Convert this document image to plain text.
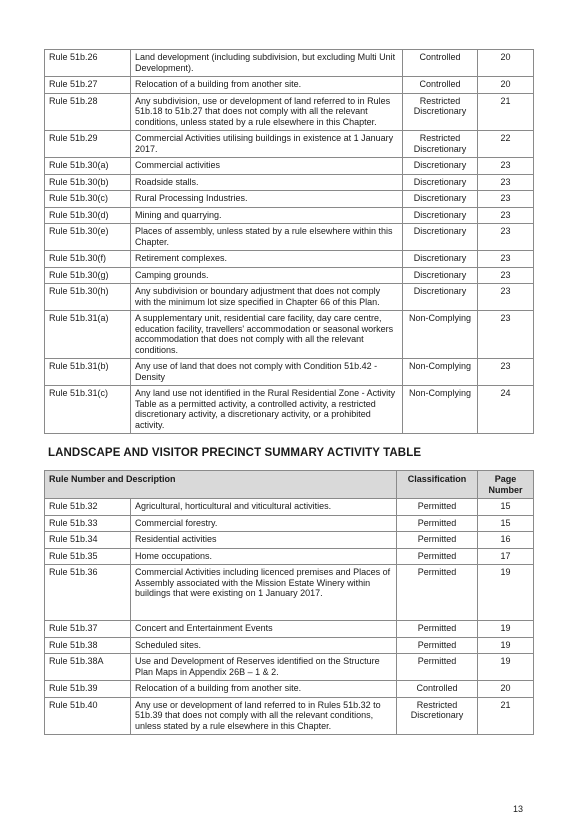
Rule 51b.26	Land development (including subdivision, but excluding Multi Unit Development).	Controlled	20
Rule 51b.27	Relocation of a building from another site.	Controlled	20
Rule 51b.28	Any subdivision, use or development of land referred to in Rules 51b.18 to 51b.27 that does not comply with all the relevant conditions, unless stated by a rule elsewhere in this Chapter.	Restricted Discretionary	21
Rule 51b.29	Commercial Activities utilising buildings in existence at 1 January 2017.	Restricted Discretionary	22
Rule 51b.30(a)	Commercial activities	Discretionary	23
Rule 51b.30(b)	Roadside stalls.	Discretionary	23
Rule 51b.30(c)	Rural Processing Industries.	Discretionary	23
Rule 51b.30(d)	Mining and quarrying.	Discretionary	23
Rule 51b.30(e)	Places of assembly, unless stated by a rule elsewhere within this Chapter.	Discretionary	23
Rule 51b.30(f)	Retirement complexes.	Discretionary	23
Rule 51b.30(g)	Camping grounds.	Discretionary	23
Rule 51b.30(h)	Any subdivision or boundary adjustment that does not comply with the minimum lot size specified in Chapter 66 of this Plan.	Discretionary	23
Rule 51b.31(a)	A supplementary unit, residential care facility, day care centre, education facility, travellers' accommodation or seasonal workers accommodation that does not comply with all the relevant conditions.	Non-Complying	23
Rule 51b.31(b)	Any use of land that does not comply with Condition 51b.42 - Density	Non-Complying	23
Rule 51b.31(c)	Any land use not identified in the Rural Residential Zone - Activity Table as a permitted activity, a controlled activity, a restricted discretionary activity, a discretionary activity, or a prohibited activity.	Non-Complying	24
LANDSCAPE AND VISITOR PRECINCT SUMMARY ACTIVITY TABLE
Rule Number and Description		Classification	Page Number
Rule 51b.32	Agricultural, horticultural and viticultural activities.	Permitted	15
Rule 51b.33	Commercial forestry.	Permitted	15
Rule 51b.34	Residential activities	Permitted	16
Rule 51b.35	Home occupations.	Permitted	17
Rule 51b.36	Commercial Activities including licenced premises and Places of Assembly associated with the Mission Estate Winery within buildings that were existing on 1 January 2017.	Permitted	19
Rule 51b.37	Concert and Entertainment Events	Permitted	19
Rule 51b.38	Scheduled sites.	Permitted	19
Rule 51b.38A	Use and Development of Reserves identified on the Structure Plan Maps in Appendix 26B – 1 & 2.	Permitted	19
Rule 51b.39	Relocation of a building from another site.	Controlled	20
Rule 51b.40	Any use or development of land referred to in Rules 51b.32 to 51b.39 that does not comply with all the relevant conditions, unless stated by a rule elsewhere in this Chapter.	Restricted Discretionary	21
13
